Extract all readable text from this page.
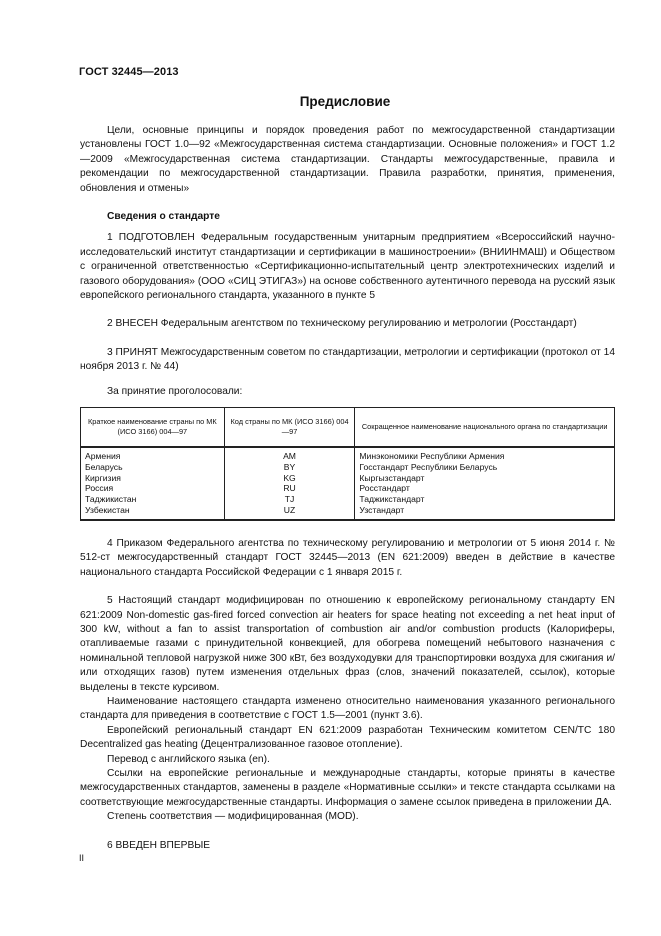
ГОСТ 32445—2013
Предисловие

Цели, основные принципы и порядок проведения работ по межгосударственной стандартизации установлены ГОСТ 1.0—92 «Межгосударственная система стандартизации. Основные положения» и ГОСТ 1.2—2009 «Межгосударственная система стандартизации. Стандарты межгосударственные, правила и рекомендации по межгосударственной стандартизации. Правила разработки, принятия, применения, обновления и отмены»

Сведения о стандарте

1 ПОДГОТОВЛЕН Федеральным государственным унитарным предприятием «Всероссийский научно-исследовательский институт стандартизации и сертификации в машиностроении» (ВНИИНМАШ) и Обществом с ограниченной ответственностью «Сертификационно-испытательный центр электротехнических изделий и газового оборудования» (ООО «СИЦ ЭТИГАЗ») на основе собственного аутентичного перевода на русский язык европейского регионального стандарта, указанного в пункте 5

2 ВНЕСЕН Федеральным агентством по техническому регулированию и метрологии (Росстандарт)

3 ПРИНЯТ Межгосударственным советом по стандартизации, метрологии и сертификации (протокол от 14 ноября 2013 г. № 44)

За принятие проголосовали:

Краткое наименование страны по МК (ИСО 3166) 004—97	Код страны по МК (ИСО 3166) 004—97	Сокращенное наименование национального органа по стандартизации
Армения	AM	Минэкономики Республики Армения
Беларусь	BY	Госстандарт Республики Беларусь
Киргизия	KG	Кыргызстандарт
Россия	RU	Росстандарт
Таджикистан	TJ	Таджикстандарт
Узбекистан	UZ	Узстандарт

4 Приказом Федерального агентства по техническому регулированию и метрологии от 5 июня 2014 г. № 512-ст межгосударственный стандарт ГОСТ 32445—2013 (EN 621:2009) введен в действие в качестве национального стандарта Российской Федерации с 1 января 2015 г.

5 Настоящий стандарт модифицирован по отношению к европейскому региональному стандарту EN 621:2009 Non-domestic gas-fired forced convection air heaters for space heating not exceeding a net heat input of 300 kW, without a fan to assist transportation of combustion air and/or combustion products (Калориферы, отапливаемые газами с принудительной конвекцией, для обогрева помещений небытового назначения с номинальной тепловой нагрузкой ниже 300 кВт, без воздуходувки для транспортировки воздуха для сжигания и/или отходящих газов) путем изменения отдельных фраз (слов, значений показателей, ссылок), которые выделены в тексте курсивом.

Наименование настоящего стандарта изменено относительно наименования указанного регионального стандарта для приведения в соответствие с ГОСТ 1.5—2001 (пункт 3.6).

Европейский региональный стандарт EN 621:2009 разработан Техническим комитетом CEN/TC 180 Decentralized gas heating (Децентрализованное газовое отопление).

Перевод с английского языка (en).

Ссылки на европейские региональные и международные стандарты, которые приняты в качестве межгосударственных стандартов, заменены в разделе «Нормативные ссылки» и тексте стандарта ссылками на соответствующие межгосударственные стандарты. Информация о замене ссылок приведена в приложении ДА.

Степень соответствия — модифицированная (MOD).

6 ВВЕДЕН ВПЕРВЫЕ

II
